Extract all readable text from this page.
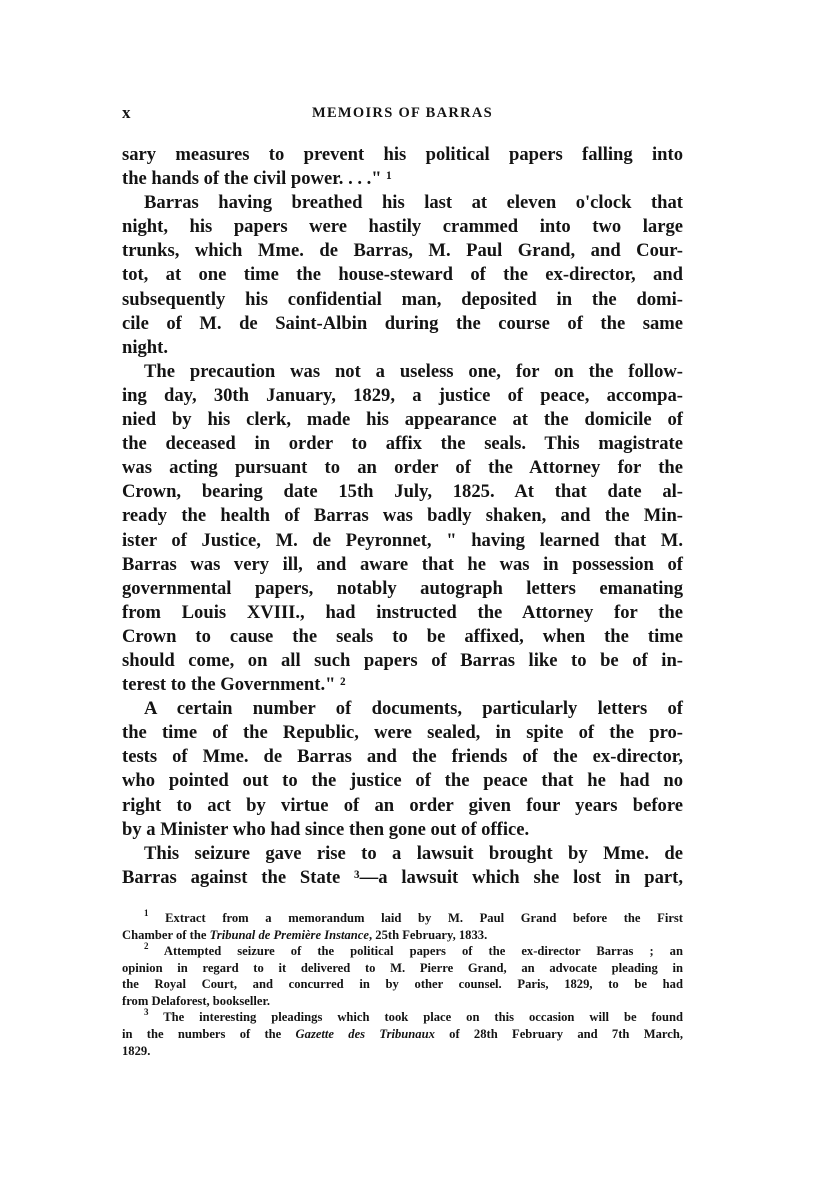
x	MEMOIRS OF BARRAS

sary measures to prevent his political papers falling into
the hands of the civil power. . . ." ¹

Barras having breathed his last at eleven o'clock that
night, his papers were hastily crammed into two large
trunks, which Mme. de Barras, M. Paul Grand, and Cour-
tot, at one time the house-steward of the ex-director, and
subsequently his confidential man, deposited in the domi-
cile of M. de Saint-Albin during the course of the same
night.

The precaution was not a useless one, for on the follow-
ing day, 30th January, 1829, a justice of peace, accompa-
nied by his clerk, made his appearance at the domicile of
the deceased in order to affix the seals. This magistrate
was acting pursuant to an order of the Attorney for the
Crown, bearing date 15th July, 1825. At that date al-
ready the health of Barras was badly shaken, and the Min-
ister of Justice, M. de Peyronnet, " having learned that M.
Barras was very ill, and aware that he was in possession of
governmental papers, notably autograph letters emanating
from Louis XVIII., had instructed the Attorney for the
Crown to cause the seals to be affixed, when the time
should come, on all such papers of Barras like to be of in-
terest to the Government." ²

A certain number of documents, particularly letters of
the time of the Republic, were sealed, in spite of the pro-
tests of Mme. de Barras and the friends of the ex-director,
who pointed out to the justice of the peace that he had no
right to act by virtue of an order given four years before
by a Minister who had since then gone out of office.

This seizure gave rise to a lawsuit brought by Mme. de
Barras against the State ³—a lawsuit which she lost in part,

$^1$ Extract from a memorandum laid by M. Paul Grand before the First
Chamber of the Tribunal de Première Instance, 25th February, 1833.
$^2$ Attempted seizure of the political papers of the ex-director Barras ; an
opinion in regard to it delivered to M. Pierre Grand, an advocate pleading in
the Royal Court, and concurred in by other counsel. Paris, 1829, to be had
from Delaforest, bookseller.
$^3$ The interesting pleadings which took place on this occasion will be found
in the numbers of the Gazette des Tribunaux of 28th February and 7th March,
1829.
